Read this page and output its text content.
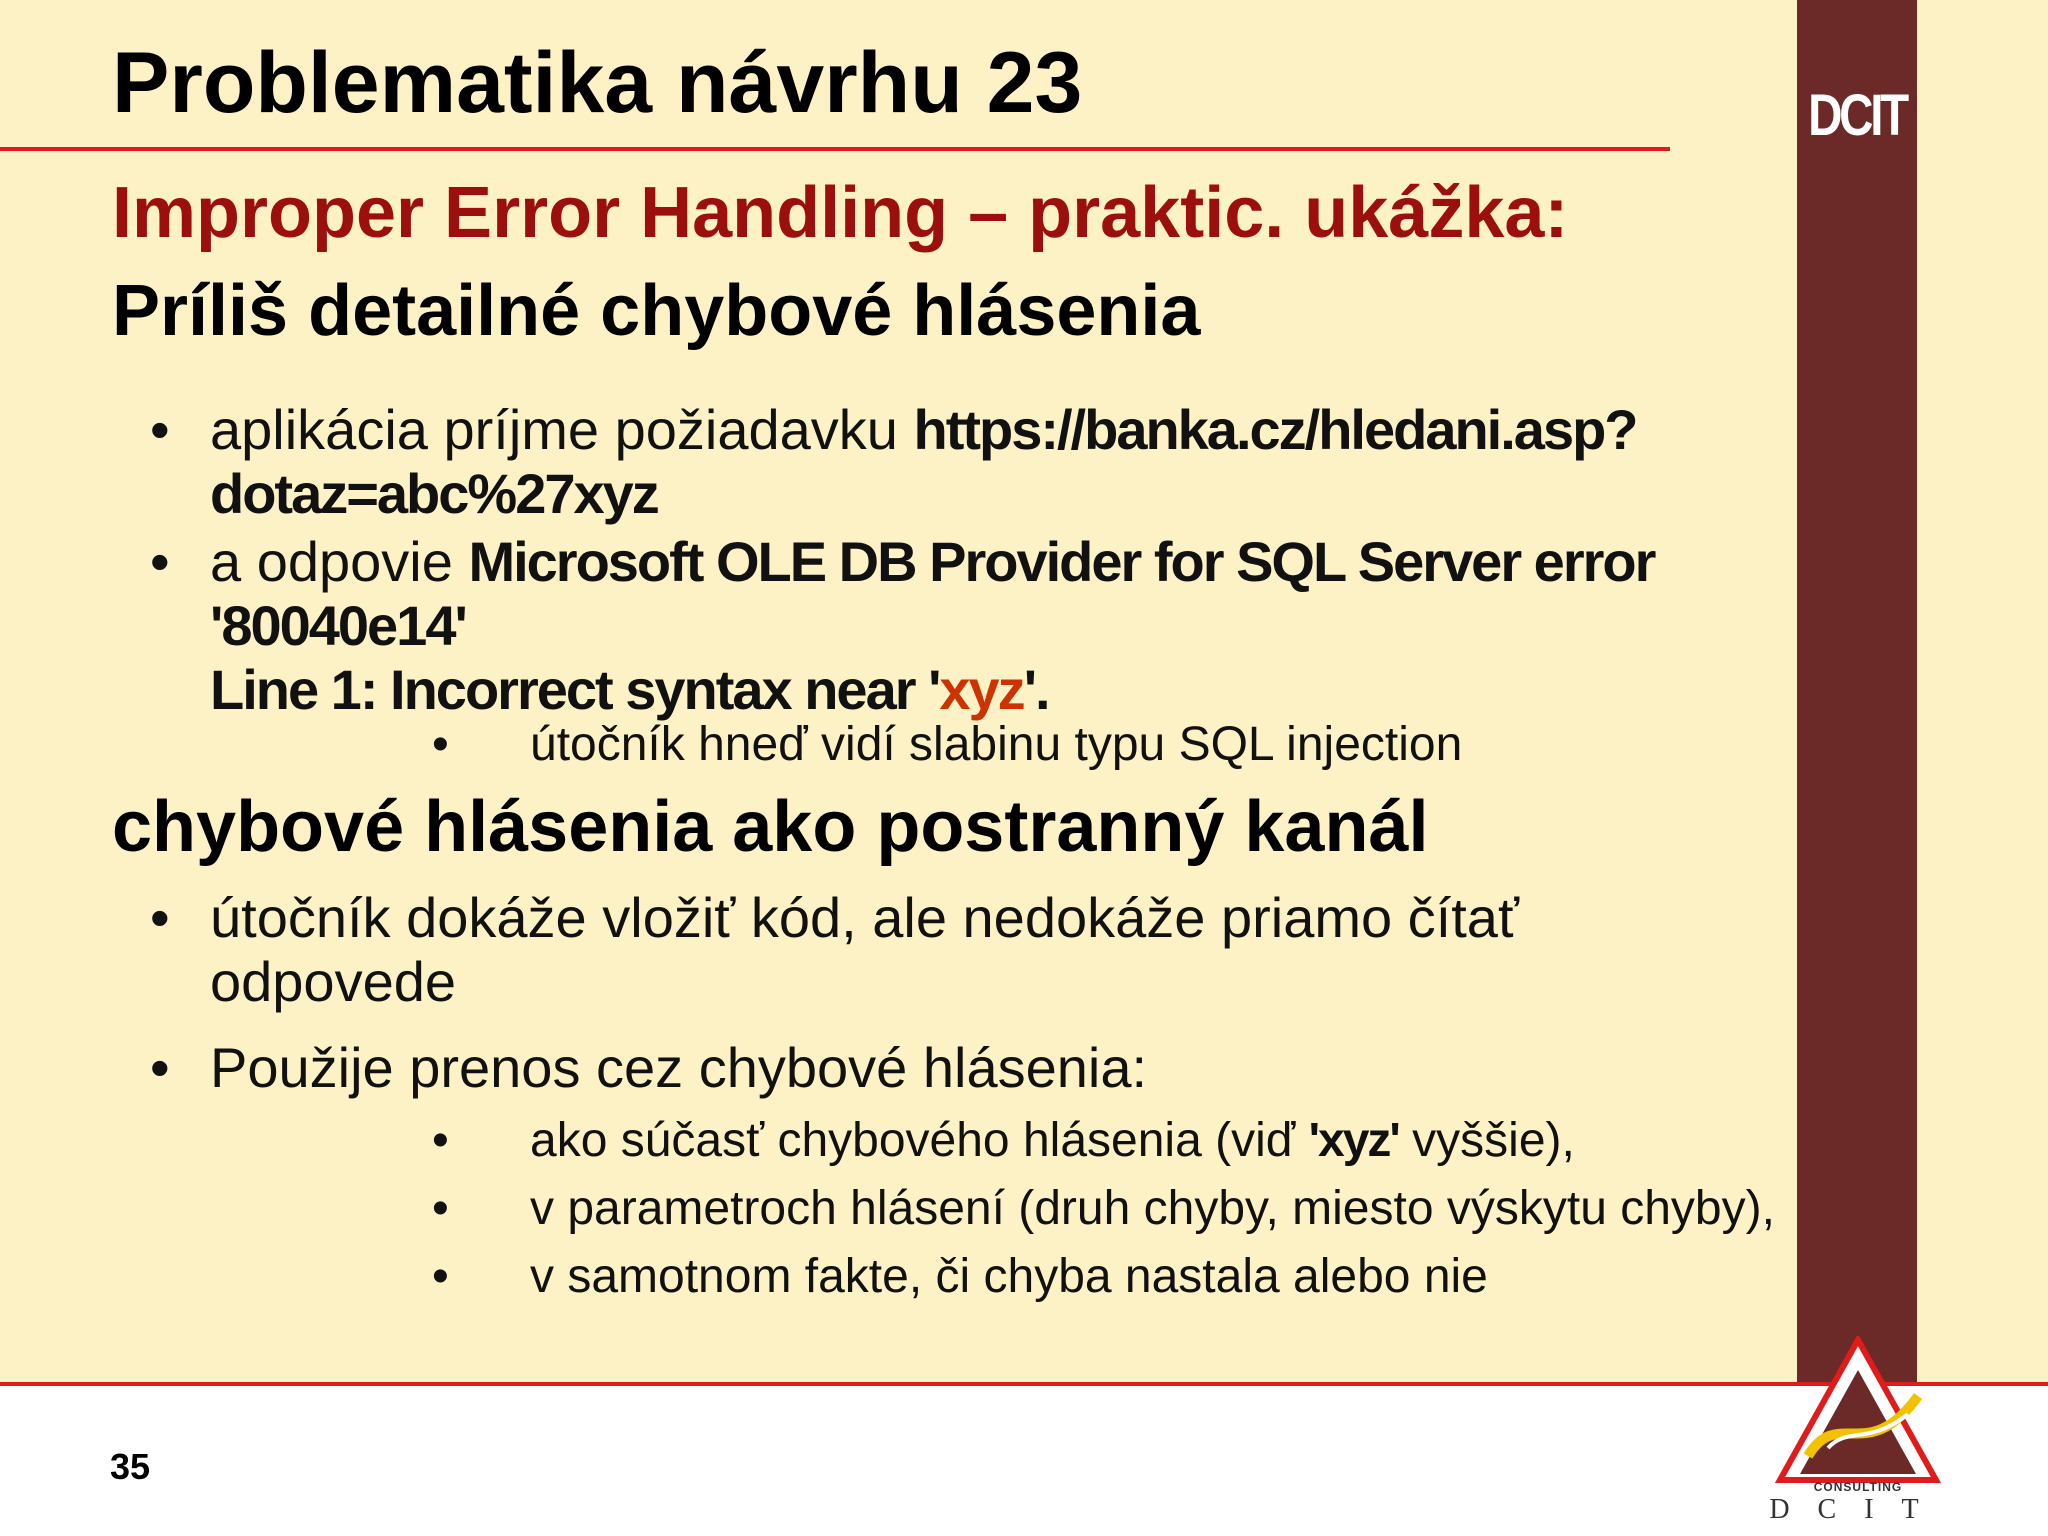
DCIT
Problematika návrhu 23
Improper Error Handling – praktic. ukážka:
Príliš detailné chybové hlásenia
• aplikácia príjme požiadavku https://banka.cz/hledani.asp?
dotaz=abc%27xyz
• a odpovie Microsoft OLE DB Provider for SQL Server error
'80040e14'
Line 1: Incorrect syntax near 'xyz'.
• útočník hneď vidí slabinu typu SQL injection
chybové hlásenia ako postranný kanál
• útočník dokáže vložiť kód, ale nedokáže priamo čítať
odpovede
• Použije prenos cez chybové hlásenia:
• ako súčasť chybového hlásenia (viď 'xyz' vyššie),
• v parametroch hlásení (druh chyby, miesto výskytu chyby),
• v samotnom fakte, či chyba nastala alebo nie
35	CONSULTING
DCIT
